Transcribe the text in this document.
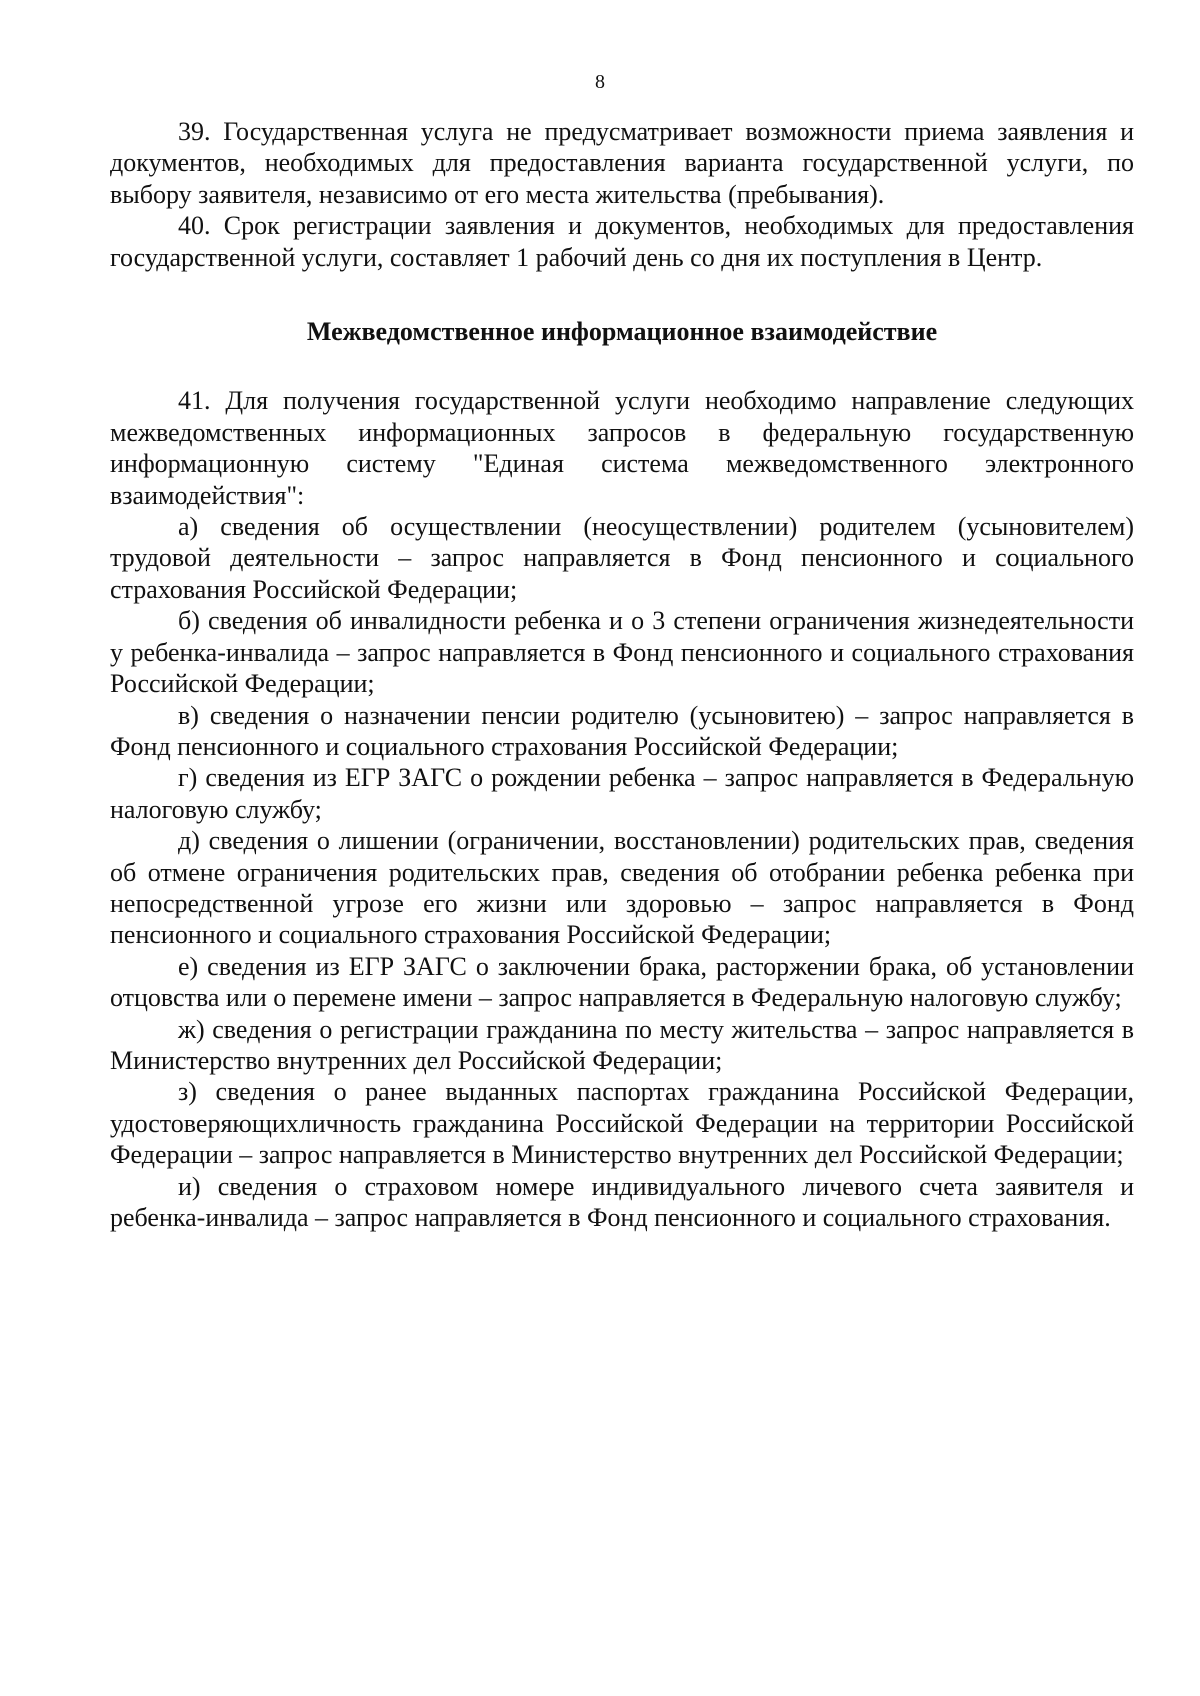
8

39. Государственная услуга не предусматривает возможности приема заявления и документов, необходимых для предоставления варианта государственной услуги, по выбору заявителя, независимо от его места жительства (пребывания).

40. Срок регистрации заявления и документов, необходимых для предоставления государственной услуги, составляет 1 рабочий день со дня их поступления в Центр.

Межведомственное информационное взаимодействие

41. Для получения государственной услуги необходимо направление следующих межведомственных информационных запросов в федеральную государственную информационную систему "Единая система межведомственного электронного взаимодействия":

а) сведения об осуществлении (неосуществлении) родителем (усыновителем) трудовой деятельности – запрос направляется в Фонд пенсионного и социального страхования Российской Федерации;

б) сведения об инвалидности ребенка и о 3 степени ограничения жизнедеятельности у ребенка-инвалида – запрос направляется в Фонд пенсионного и социального страхования Российской Федерации;

в) сведения о назначении пенсии родителю (усыновитею) – запрос направляется в Фонд пенсионного и социального страхования Российской Федерации;

г) сведения из ЕГР ЗАГС о рождении ребенка – запрос направляется в Федеральную налоговую службу;

д) сведения о лишении (ограничении, восстановлении) родительских прав, сведения об отмене ограничения родительских прав, сведения об отобрании ребенка ребенка при непосредственной угрозе его жизни или здоровью – запрос направляется в Фонд пенсионного и социального страхования Российской Федерации;

е) сведения из ЕГР ЗАГС о заключении брака, расторжении брака, об установлении отцовства или о перемене имени – запрос направляется в Федеральную налоговую службу;

ж) сведения о регистрации гражданина по месту жительства – запрос направляется в Министерство внутренних дел Российской Федерации;

з) сведения о ранее выданных паспортах гражданина Российской Федерации, удостоверяющихличность гражданина Российской Федерации на территории Российской Федерации – запрос направляется в Министерство внутренних дел Российской Федерации;

и) сведения о страховом номере индивидуального личевого счета заявителя и ребенка-инвалида – запрос направляется в Фонд пенсионного и социального страхования.
